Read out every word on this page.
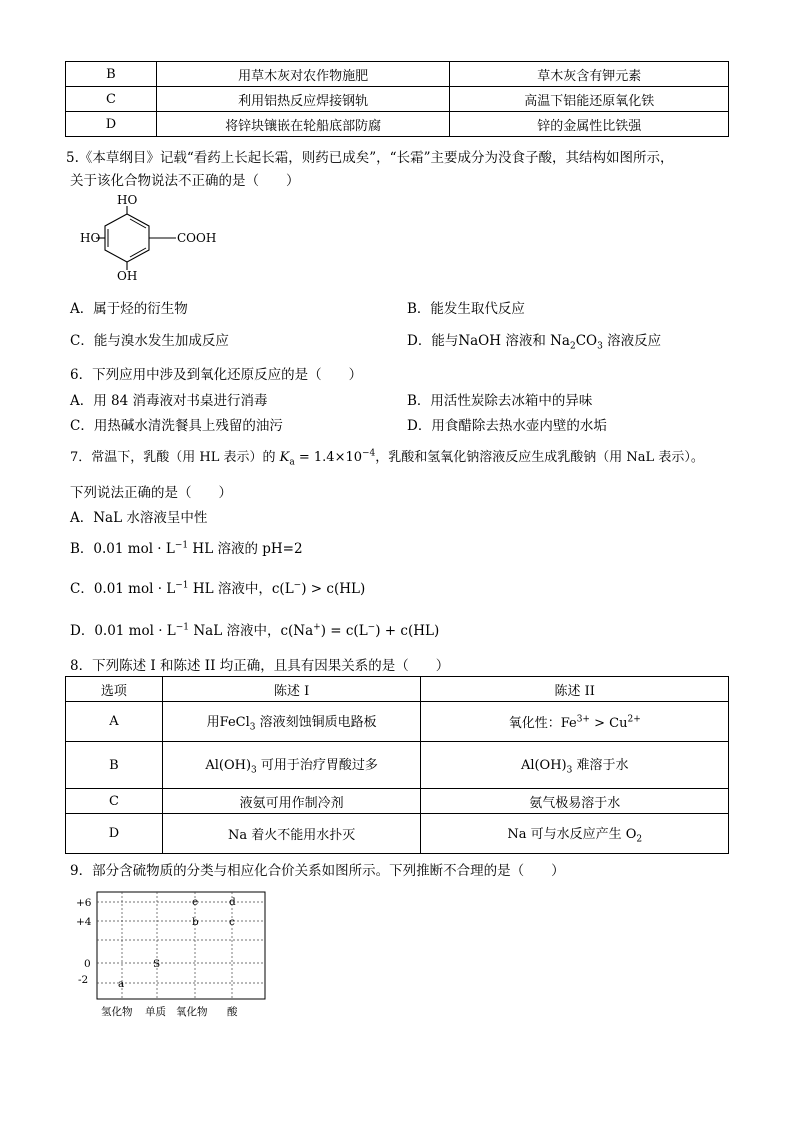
B	用草木灰对农作物施肥	草木灰含有钾元素
C	利用铝热反应焊接钢轨	高温下铝能还原氧化铁
D	将锌块镶嵌在轮船底部防腐	锌的金属性比铁强
5.《本草纲目》记载“看药上长起长霜，则药已成矣”，“长霜”主要成分为没食子酸，其结构如图所示，
关于该化合物说法不正确的是（　　）
HO
HO
OH
COOH
A．属于烃的衍生物	B．能发生取代反应
C．能与溴水发生加成反应	D．能与NaOH 溶液和 $Na_2CO_3$ 溶液反应
6．下列应用中涉及到氧化还原反应的是（　　）
A．用 84 消毒液对书桌进行消毒	B．用活性炭除去冰箱中的异味
C．用热碱水清洗餐具上残留的油污	D．用食醋除去热水壶内壁的水垢
7．常温下，乳酸（用 HL 表示）的 $K_a = 1.4\times 10^{-4}$，乳酸和氢氧化钠溶液反应生成乳酸钠（用 NaL 表示）。
下列说法正确的是（　　）
A．NaL 水溶液呈中性
B．0.01 mol · $L^{-1}$ HL 溶液的 pH=2
C．0.01 mol · $L^{-1}$ HL 溶液中，c(L−) > c(HL)
D．0.01 mol · $L^{-1}$ NaL 溶液中，c(Na+) = c(L−) + c(HL)
8．下列陈述 I 和陈述 II 均正确，且具有因果关系的是（　　）
选项	陈述 I	陈述 II
A	用FeCl$_3$ 溶液刻蚀铜质电路板	氧化性：$Fe^{3+} > Cu^{2+}$
B	$Al(OH)_3$ 可用于治疗胃酸过多	$Al(OH)_3$ 难溶于水
C	液氨可用作制冷剂	氨气极易溶于水
D	Na 着火不能用水扑灭	Na 可与水反应产生 $O_2$
9．部分含硫物质的分类与相应化合价关系如图所示。下列推断不合理的是（　　）
+6
+4
0
-2
e	d
b	c
S
a
氢化物 单质 氧化物 酸
